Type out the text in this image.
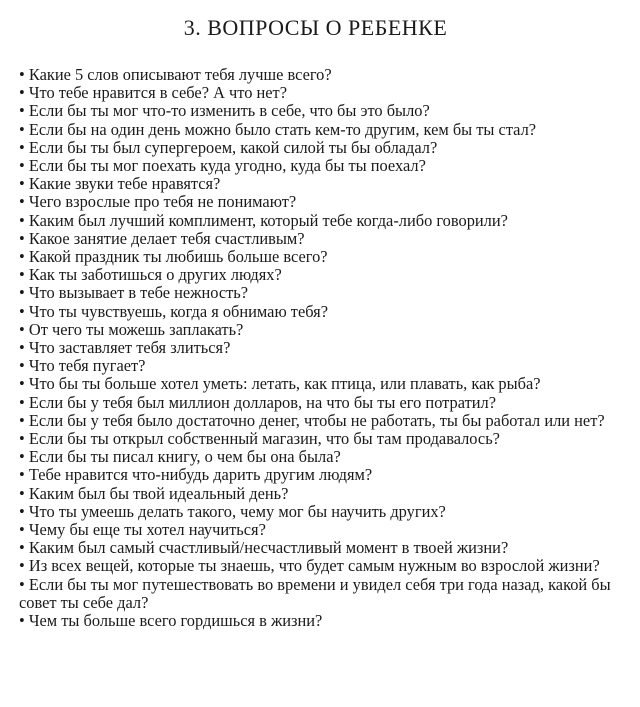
3. ВОПРОСЫ О РЕБЕНКЕ
• Какие 5 слов описывают тебя лучше всего?
• Что тебе нравится в себе? А что нет?
• Если бы ты мог что-то изменить в себе, что бы это было?
• Если бы на один день можно было стать кем-то другим, кем бы ты стал?
• Если бы ты был супергероем, какой силой ты бы обладал?
• Если бы ты мог поехать куда угодно, куда бы ты поехал?
• Какие звуки тебе нравятся?
• Чего взрослые про тебя не понимают?
• Каким был лучший комплимент, который тебе когда-либо говорили?
• Какое занятие делает тебя счастливым?
• Какой праздник ты любишь больше всего?
• Как ты заботишься о других людях?
• Что вызывает в тебе нежность?
• Что ты чувствуешь, когда я обнимаю тебя?
• От чего ты можешь заплакать?
• Что заставляет тебя злиться?
• Что тебя пугает?
• Что бы ты больше хотел уметь: летать, как птица, или плавать, как рыба?
• Если бы у тебя был миллион долларов, на что бы ты его потратил?
• Если бы у тебя было достаточно денег, чтобы не работать, ты бы работал или нет?
• Если бы ты открыл собственный магазин, что бы там продавалось?
• Если бы ты писал книгу, о чем бы она была?
• Тебе нравится что-нибудь дарить другим людям?
• Каким был бы твой идеальный день?
• Что ты умеешь делать такого, чему мог бы научить других?
• Чему бы еще ты хотел научиться?
• Каким был самый счастливый/несчастливый момент в твоей жизни?
• Из всех вещей, которые ты знаешь, что будет самым нужным во взрослой жизни?
• Если бы ты мог путешествовать во времени и увидел себя три года назад, какой бы совет ты себе дал?
• Чем ты больше всего гордишься в жизни?
